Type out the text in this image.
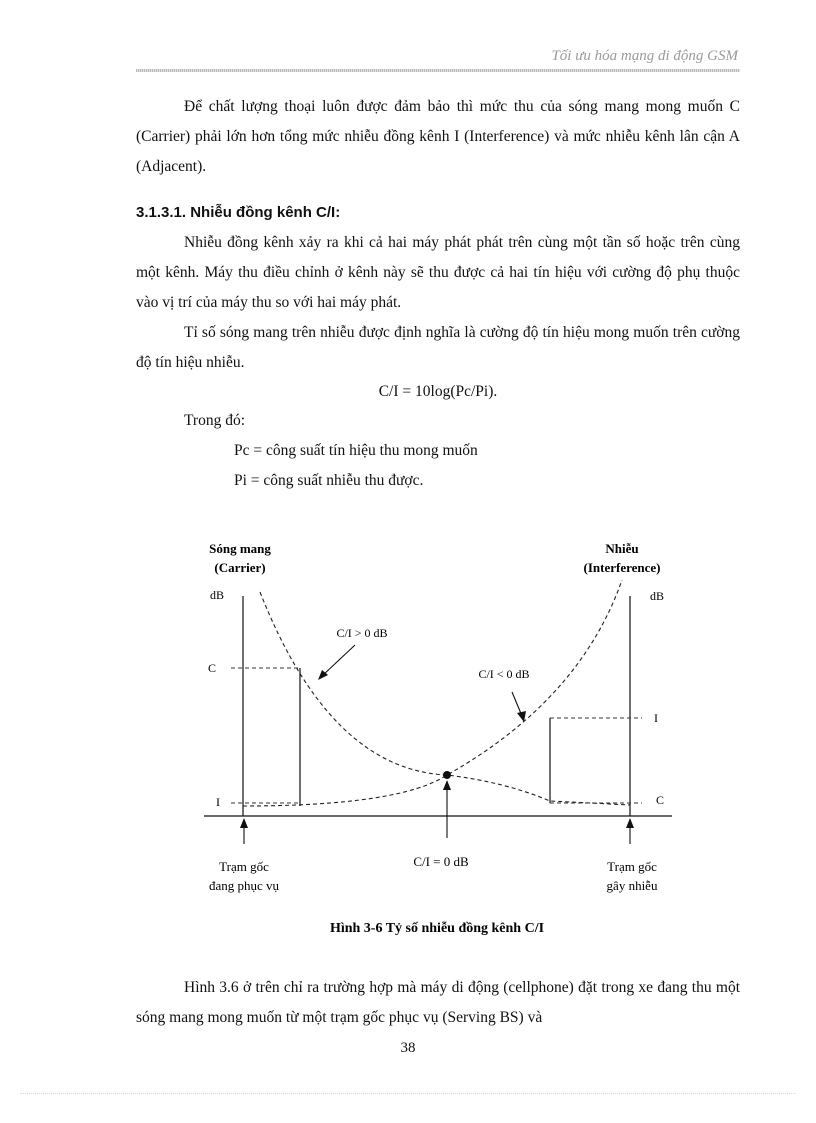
Tối ưu hóa mạng di động GSM
Để chất lượng thoại luôn được đảm bảo thì mức thu của sóng mang mong muốn C (Carrier) phải lớn hơn tổng mức nhiễu đồng kênh I (Interference) và mức nhiễu kênh lân cận A (Adjacent).
3.1.3.1. Nhiễu đồng kênh C/I:
Nhiễu đồng kênh xảy ra khi cả hai máy phát phát trên cùng một tần số hoặc trên cùng một kênh. Máy thu điều chỉnh ở kênh này sẽ thu được cả hai tín hiệu với cường độ phụ thuộc vào vị trí của máy thu so với hai máy phát.
Tỉ số sóng mang trên nhiễu được định nghĩa là cường độ tín hiệu mong muốn trên cường độ tín hiệu nhiễu.
C/I = 10log(Pc/Pi).
Trong đó:
Pc = công suất tín hiệu thu mong muốn
Pi = công suất nhiễu thu được.
Sóng mang
(Carrier)
Nhiễu
(Interference)
dB	dB
C
I
I
C
C/I > 0 dB
C/I < 0 dB
Trạm gốc
đang phục vụ
C/I = 0 dB	Trạm gốc
gây nhiễu
Hình 3-6 Tỷ số nhiễu đồng kênh C/I
Hình 3.6 ở trên chỉ ra trường hợp mà máy di động (cellphone) đặt trong xe đang thu một sóng mang mong muốn từ một trạm gốc phục vụ (Serving BS) và
38
